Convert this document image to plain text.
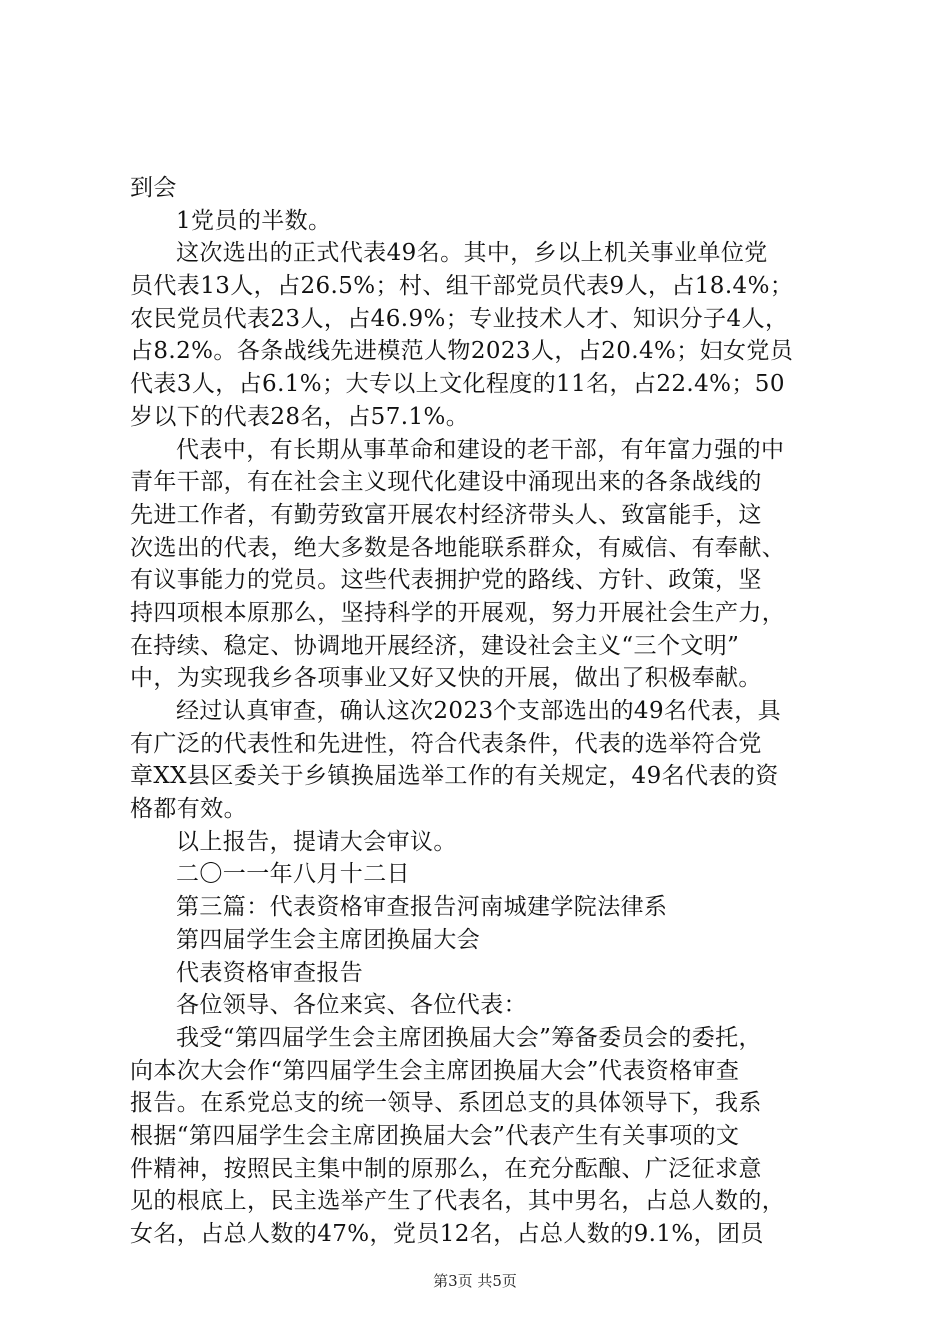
到会
1党员的半数。
这次选出的正式代表49名。其中，乡以上机关事业单位党
员代表13人，占26.5%；村、组干部党员代表9人，占18.4%；
农民党员代表23人，占46.9%；专业技术人才、知识分子4人，
占8.2%。各条战线先进模范人物2023人，占20.4%；妇女党员
代表3人，占6.1%；大专以上文化程度的11名，占22.4%；50
岁以下的代表28名，占57.1%。
代表中，有长期从事革命和建设的老干部，有年富力强的中
青年干部，有在社会主义现代化建设中涌现出来的各条战线的
先进工作者，有勤劳致富开展农村经济带头人、致富能手，这
次选出的代表，绝大多数是各地能联系群众，有威信、有奉献、
有议事能力的党员。这些代表拥护党的路线、方针、政策，坚
持四项根本原那么，坚持科学的开展观，努力开展社会生产力，
在持续、稳定、协调地开展经济，建设社会主义“三个文明”
中，为实现我乡各项事业又好又快的开展，做出了积极奉献。
经过认真审查，确认这次2023个支部选出的49名代表，具
有广泛的代表性和先进性，符合代表条件，代表的选举符合党
章XX县区委关于乡镇换届选举工作的有关规定，49名代表的资
格都有效。
以上报告，提请大会审议。
二〇一一年八月十二日
第三篇：代表资格审查报告河南城建学院法律系
第四届学生会主席团换届大会
代表资格审查报告
各位领导、各位来宾、各位代表：
我受“第四届学生会主席团换届大会”筹备委员会的委托，
向本次大会作“第四届学生会主席团换届大会”代表资格审查
报告。在系党总支的统一领导、系团总支的具体领导下，我系
根据“第四届学生会主席团换届大会”代表产生有关事项的文
件精神，按照民主集中制的原那么，在充分酝酿、广泛征求意
见的根底上，民主选举产生了代表名，其中男名，占总人数的，
女名，占总人数的47%，党员12名，占总人数的9.1%，团员
第3页 共5页
